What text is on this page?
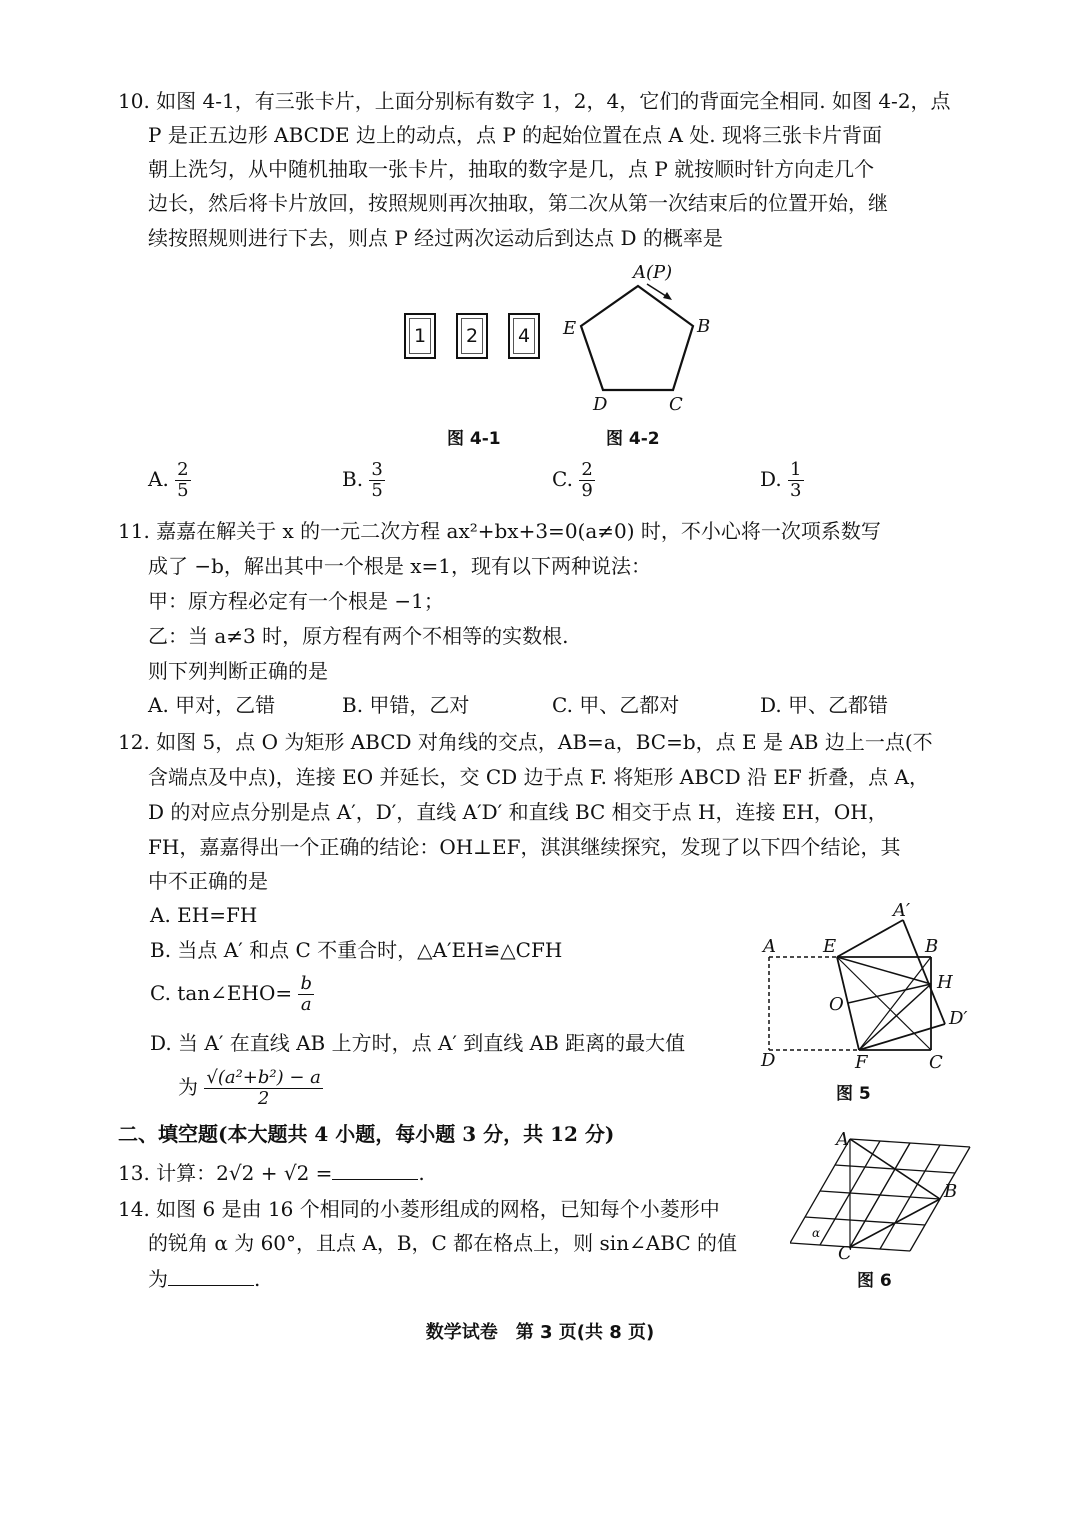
10. 如图 4-1，有三张卡片，上面分别标有数字 1，2，4，它们的背面完全相同. 如图 4-2，点
P 是正五边形 ABCDE 边上的动点，点 P 的起始位置在点 A 处. 现将三张卡片背面
朝上洗匀，从中随机抽取一张卡片，抽取的数字是几，点 P 就按顺时针方向走几个
边长，然后将卡片放回，按照规则再次抽取，第二次从第一次结束后的位置开始，继
续按照规则进行下去，则点 P 经过两次运动后到达点 D 的概率是
1	2	4
A(P)
B
C
D
E
图 4-1	图 4-2
A. $\frac{2}{5}$	B. $\frac{3}{5}$	C. $\frac{2}{9}$	D. $\frac{1}{3}$
11. 嘉嘉在解关于 x 的一元二次方程 ax²+bx+3=0(a≠0) 时，不小心将一次项系数写
成了 −b，解出其中一个根是 x=1，现有以下两种说法：
甲：原方程必定有一个根是 −1；
乙：当 a≠3 时，原方程有两个不相等的实数根.
则下列判断正确的是
A. 甲对，乙错	B. 甲错，乙对	C. 甲、乙都对	D. 甲、乙都错
12. 如图 5，点 O 为矩形 ABCD 对角线的交点，AB=a，BC=b，点 E 是 AB 边上一点(不
含端点及中点)，连接 EO 并延长，交 CD 边于点 F. 将矩形 ABCD 沿 EF 折叠，点 A，
D 的对应点分别是点 A′，D′，直线 A′D′ 和直线 BC 相交于点 H，连接 EH，OH，
FH，嘉嘉得出一个正确的结论：OH⊥EF，淇淇继续探究，发现了以下四个结论，其
中不正确的是
A. EH=FH
B. 当点 A′ 和点 C 不重合时，△A′EH≌△CFH
C. tan∠EHO= $\frac{b}{a}$
D. 当 A′ 在直线 AB 上方时，点 A′ 到直线 AB 距离的最大值
为 $\frac{\text{√(a²+b²) − a}}{2}$
A	E	B
A′
H
O
D′
D	F	C
图 5
二、填空题(本大题共 4 小题，每小题 3 分，共 12 分)
13. 计算：2√2 + √2 =	.
14. 如图 6 是由 16 个相同的小菱形组成的网格，已知每个小菱形中
的锐角 α 为 60°，且点 A，B，C 都在格点上，则 sin∠ABC 的值
为	.
A
B
C
α
图 6
数学试卷　第 3 页(共 8 页)
